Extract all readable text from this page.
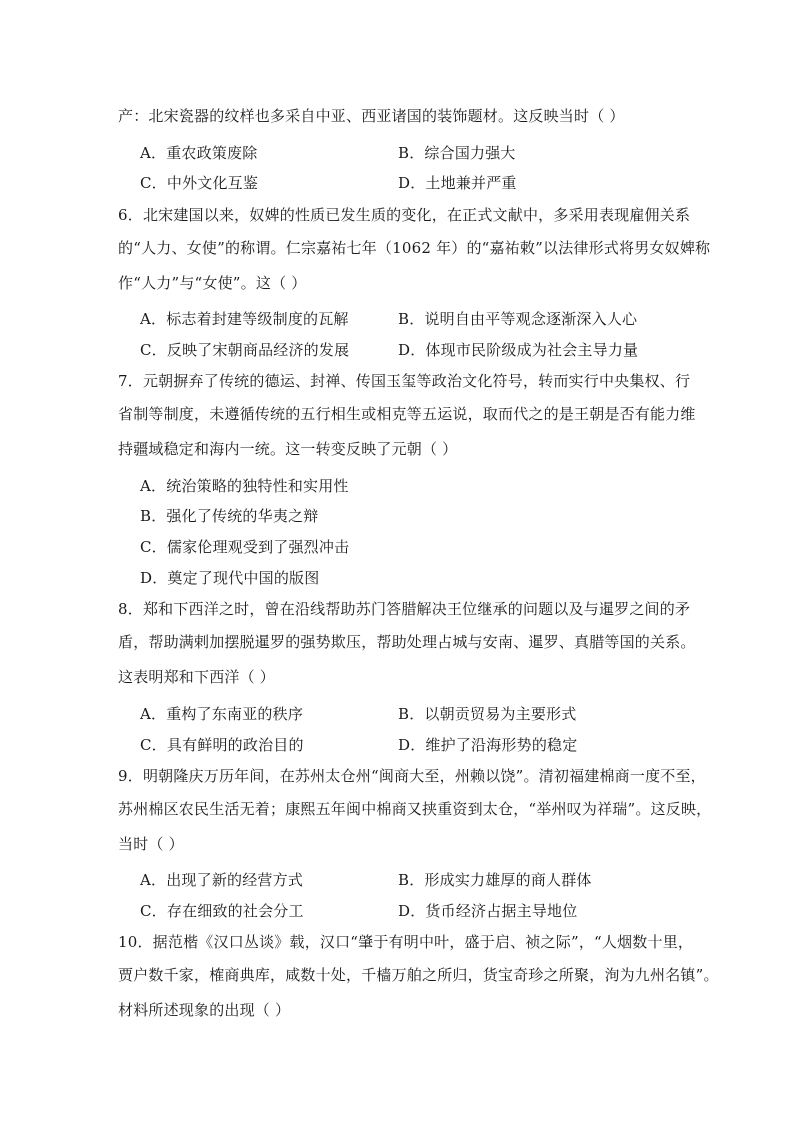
产：北宋瓷器的纹样也多采自中亚、西亚诸国的装饰题材。这反映当时（ ）
A．重农政策废除	B．综合国力强大
C．中外文化互鉴	D．土地兼并严重
6．北宋建国以来，奴婢的性质已发生质的变化，在正式文献中，多采用表现雇佣关系
的“人力、女使”的称谓。仁宗嘉祐七年（1062 年）的“嘉祐敕”以法律形式将男女奴婢称
作“人力”与“女使”。这（ ）
A．标志着封建等级制度的瓦解	B．说明自由平等观念逐渐深入人心
C．反映了宋朝商品经济的发展	D．体现市民阶级成为社会主导力量
7．元朝摒弃了传统的德运、封禅、传国玉玺等政治文化符号，转而实行中央集权、行
省制等制度，未遵循传统的五行相生或相克等五运说，取而代之的是王朝是否有能力维
持疆域稳定和海内一统。这一转变反映了元朝（ ）
A．统治策略的独特性和实用性
B．强化了传统的华夷之辩
C．儒家伦理观受到了强烈冲击
D．奠定了现代中国的版图
8．郑和下西洋之时，曾在沿线帮助苏门答腊解决王位继承的问题以及与暹罗之间的矛
盾，帮助满剌加摆脱暹罗的强势欺压，帮助处理占城与安南、暹罗、真腊等国的关系。
这表明郑和下西洋（ ）
A．重构了东南亚的秩序	B．以朝贡贸易为主要形式
C．具有鲜明的政治目的	D．维护了沿海形势的稳定
9．明朝隆庆万历年间，在苏州太仓州“闽商大至，州赖以饶”。清初福建棉商一度不至，
苏州棉区农民生活无着；康熙五年闽中棉商又挟重资到太仓，“举州叹为祥瑞”。这反映，
当时（ ）
A．出现了新的经营方式	B．形成实力雄厚的商人群体
C．存在细致的社会分工	D．货币经济占据主导地位
10．据范楷《汉口丛谈》载，汉口“肇于有明中叶，盛于启、祯之际”，“人烟数十里，
贾户数千家，榷商典库，咸数十处，千樯万舶之所归，货宝奇珍之所聚，洵为九州名镇”。
材料所述现象的出现（ ）
